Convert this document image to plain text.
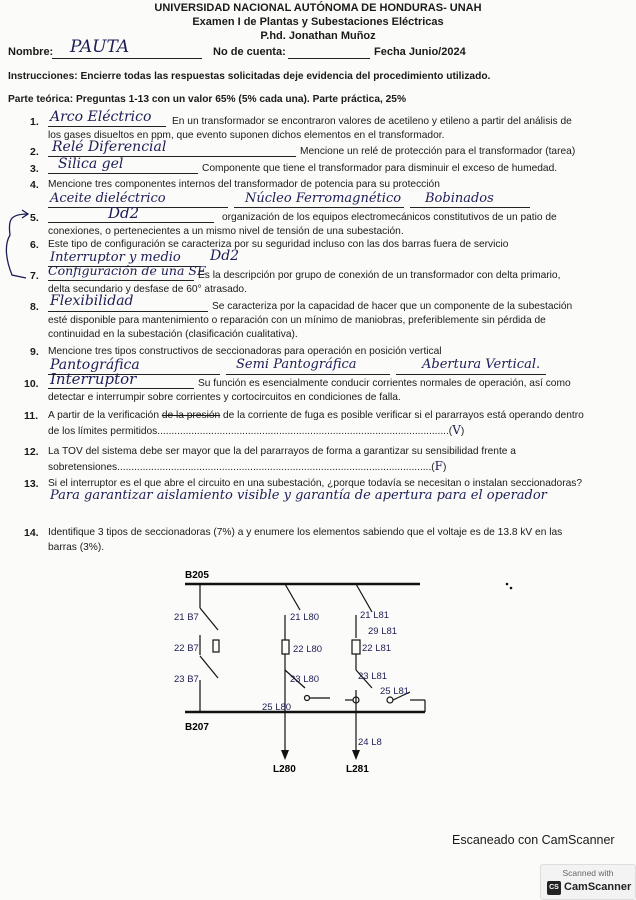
UNIVERSIDAD NACIONAL AUTÓNOMA DE HONDURAS- UNAH
Examen I de Plantas y Subestaciones Eléctricas
P.hd. Jonathan Muñoz
Nombre: PAUTA	No de cuenta:	Fecha Junio/2024
Instrucciones: Encierre todas las respuestas solicitadas deje evidencia del procedimiento utilizado.
Parte teórica: Preguntas 1-13 con un valor 65% (5% cada una). Parte práctica, 25%
1. Arco Eléctrico En un transformador se encontraron valores de acetileno y etileno a partir del análisis de
los gases disueltos en ppm, que evento suponen dichos elementos en el transformador.
2. Relé Diferencial	Mencione un relé de protección para el transformador (tarea)
3. Silica gel	Componente que tiene el transformador para disminuir el exceso de humedad.
4. Mencione tres componentes internos del transformador de potencia para su protección
Aceite dieléctrico	Núcleo Ferromagnético Bobinados
5.	Dd2	organización de los equipos electromecánicos constitutivos de un patio de
conexiones, o pertenecientes a un mismo nivel de tensión de una subestación.
6. Este tipo de configuración se caracteriza por su seguridad incluso con las dos barras fuera de servicio
Interruptor y medio Dd2
7. Configuración de una SE
Es la descripción por grupo de conexión de un transformador con delta primario,
delta secundario y desfase de 60° atrasado.
8. Flexibilidad	Se caracteriza por la capacidad de hacer que un componente de la subestación
esté disponible para mantenimiento o reparación con un mínimo de maniobras, preferiblemente sin pérdida de
continuidad en la subestación (clasificación cualitativa).
9. Mencione tres tipos constructivos de seccionadoras para operación en posición vertical
Pantográfica	Semi Pantográfica	Abertura Vertical.
10. Interruptor	Su función es esencialmente conducir corrientes normales de operación, así como
detectar e interrumpir sobre corrientes y cortocircuitos en condiciones de falla.
11. A partir de la verificación de la presión de la corriente de fuga es posible verificar si el pararrayos está operando dentro
de los límites permitidos.......................................................................................................(V)
12. La TOV del sistema debe ser mayor que la del pararrayos de forma a garantizar su sensibilidad frente a
sobretensiones...............................................................................................................(F)
13. Si el interruptor es el que abre el circuito en una subestación, ¿porque todavía se necesitan o instalan seccionadoras?
Para garantizar aislamiento visible y garantía de apertura para el operador
14. Identifique 3 tipos de seccionadoras (7%) a y enumere los elementos sabiendo que el voltaje es de 13.8 kV en las
barras (3%).
B205
B207
L280	L281
21 B7
22 B7
23 B7
21 L80
22 L80
23 L80
25 L80
21 L81
29 L81
22 L81
23 L81
25 L81
24 L8
Escaneado con CamScanner
Scanned with
CS CamScanner
